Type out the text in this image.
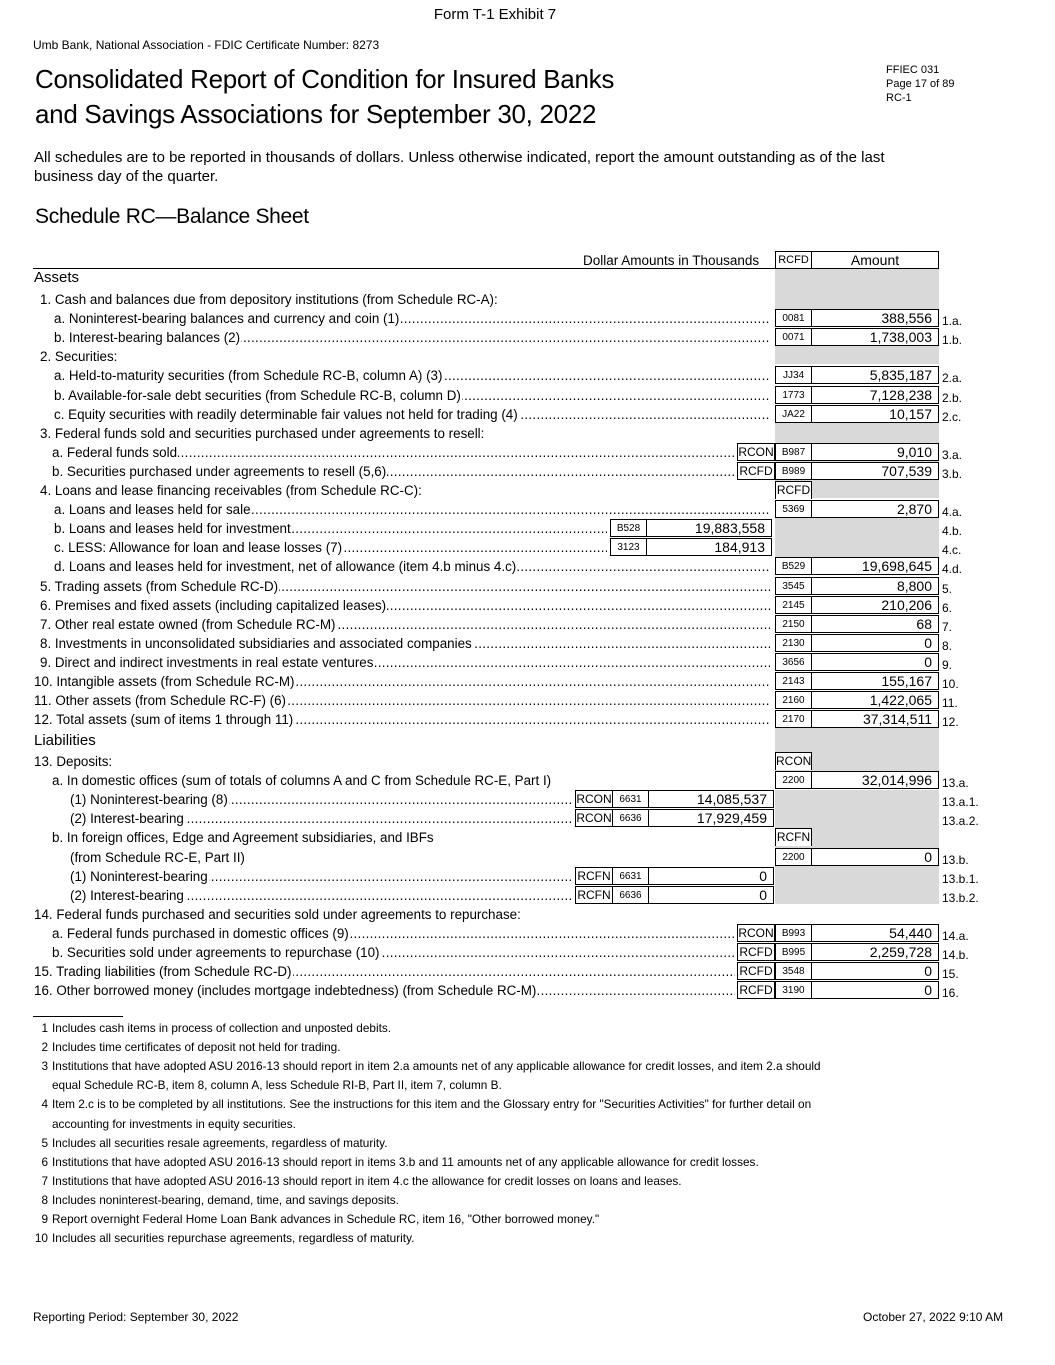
Form T-1 Exhibit 7
Umb Bank, National Association - FDIC Certificate Number: 8273
Consolidated Report of Condition for Insured Banks
and Savings Associations for September 30, 2022
FFIEC 031
Page 17 of 89
RC-1
All schedules are to be reported in thousands of dollars. Unless otherwise indicated, report the amount outstanding as of the last business day of the quarter.
Schedule RC—Balance Sheet
Dollar Amounts in Thousands RCFD	Amount
Assets
1. Cash and balances due from depository institutions (from Schedule RC-A):
a. Noninterest-bearing balances and currency and coin (1) .....	0081	388,556 1.a.
b. Interest-bearing balances (2) .....	0071	1,738,003 1.b.
2. Securities:
a. Held-to-maturity securities (from Schedule RC-B, column A) (3) .....	JJ34	5,835,187 2.a.
b. Available-for-sale debt securities (from Schedule RC-B, column D) .....	1773	7,128,238 2.b.
c. Equity securities with readily determinable fair values not held for trading (4) .....	JA22	10,157 2.c.
3. Federal funds sold and securities purchased under agreements to resell:
a. Federal funds sold .....	RCON B987	9,010 3.a.
b. Securities purchased under agreements to resell (5,6) .....	RCFD B989	707,539 3.b.
4. Loans and lease financing receivables (from Schedule RC-C):	RCFD
a. Loans and leases held for sale .....	5369	2,870 4.a.
b. Loans and leases held for investment .....	B528	19,883,558	4.b.
c. LESS: Allowance for loan and lease losses (7) .....	3123	184,913	4.c.
d. Loans and leases held for investment, net of allowance (item 4.b minus 4.c) .....	B529	19,698,645 4.d.
5. Trading assets (from Schedule RC-D) .....	3545	8,800 5.
6. Premises and fixed assets (including capitalized leases) .....	2145	210,206 6.
7. Other real estate owned (from Schedule RC-M) .....	2150	68 7.
8. Investments in unconsolidated subsidiaries and associated companies .....	2130	0 8.
9. Direct and indirect investments in real estate ventures .....	3656	0 9.
10. Intangible assets (from Schedule RC-M) .....	2143	155,167 10.
11. Other assets (from Schedule RC-F) (6) .....	2160	1,422,065 11.
12. Total assets (sum of items 1 through 11) .....	2170	37,314,511 12.
Liabilities
13. Deposits:	RCON
a. In domestic offices (sum of totals of columns A and C from Schedule RC-E, Part I)	2200	32,014,996 13.a.
(1) Noninterest-bearing (8) .....	RCON 6631	14,085,537	13.a.1.
(2) Interest-bearing .....	RCON 6636	17,929,459	13.a.2.
b. In foreign offices, Edge and Agreement subsidiaries, and IBFs	RCFN
(from Schedule RC-E, Part II)	2200	0 13.b.
(1) Noninterest-bearing .....	RCFN 6631	0	13.b.1.
(2) Interest-bearing .....	RCFN 6636	0	13.b.2.
14. Federal funds purchased and securities sold under agreements to repurchase:
a. Federal funds purchased in domestic offices (9) .....	RCON B993	54,440 14.a.
b. Securities sold under agreements to repurchase (10) .....	RCFD B995	2,259,728 14.b.
15. Trading liabilities (from Schedule RC-D) .....	RCFD 3548	0 15.
16. Other borrowed money (includes mortgage indebtedness) (from Schedule RC-M) .....	RCFD 3190	0 16.
1 Includes cash items in process of collection and unposted debits.
2 Includes time certificates of deposit not held for trading.
3 Institutions that have adopted ASU 2016-13 should report in item 2.a amounts net of any applicable allowance for credit losses, and item 2.a should
equal Schedule RC-B, item 8, column A, less Schedule RI-B, Part II, item 7, column B.
4 Item 2.c is to be completed by all institutions. See the instructions for this item and the Glossary entry for "Securities Activities" for further detail on
accounting for investments in equity securities.
5 Includes all securities resale agreements, regardless of maturity.
6 Institutions that have adopted ASU 2016-13 should report in items 3.b and 11 amounts net of any applicable allowance for credit losses.
7 Institutions that have adopted ASU 2016-13 should report in item 4.c the allowance for credit losses on loans and leases.
8 Includes noninterest-bearing, demand, time, and savings deposits.
9 Report overnight Federal Home Loan Bank advances in Schedule RC, item 16, "Other borrowed money."
10 Includes all securities repurchase agreements, regardless of maturity.
Reporting Period: September 30, 2022	October 27, 2022 9:10 AM
